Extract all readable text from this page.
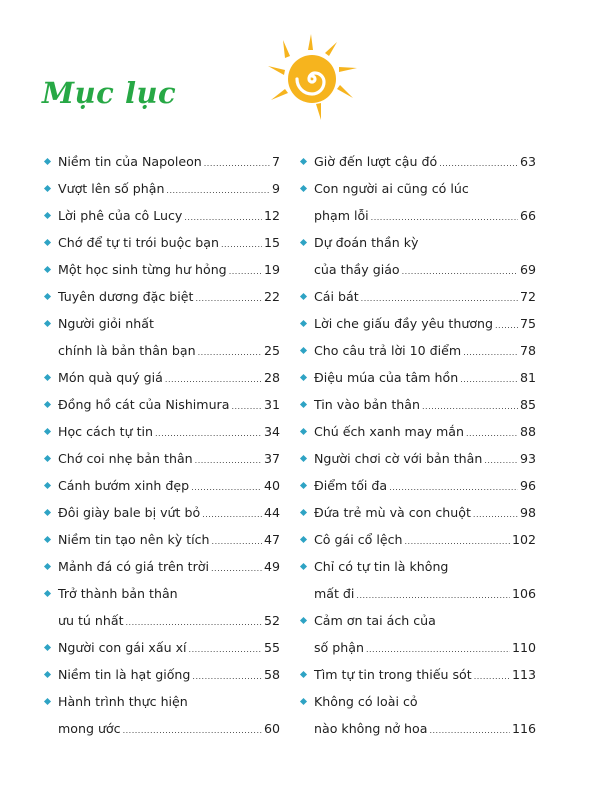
Mục lục
Niềm tin của Napoleon .....	7
Vượt lên số phận .....	9
Lời phê của cô Lucy .....	12
Chớ để tự ti trói buộc bạn .....	15
Một học sinh từng hư hỏng .....	19
Tuyên dương đặc biệt .....	22
Người giỏi nhất
chính là bản thân bạn .....	25
Món quà quý giá .....	28
Đồng hồ cát của Nishimura .....	31
Học cách tự tin .....	34
Chớ coi nhẹ bản thân .....	37
Cánh bướm xinh đẹp .....	40
Đôi giày bale bị vứt bỏ .....	44
Niềm tin tạo nên kỳ tích .....	47
Mảnh đá có giá trên trời .....	49
Trở thành bản thân
ưu tú nhất .....	52
Người con gái xấu xí .....	55
Niềm tin là hạt giống .....	58
Hành trình thực hiện
mong ước .....	60
Giờ đến lượt cậu đó .....	63
Con người ai cũng có lúc
phạm lỗi .....	66
Dự đoán thần kỳ
của thầy giáo .....	69
Cái bát .....	72
Lời che giấu đầy yêu thương ..... 75
Cho câu trả lời 10 điểm .....	78
Điệu múa của tâm hồn .....	81
Tin vào bản thân .....	85
Chú ếch xanh may mắn .....	88
Người chơi cờ với bản thân .....	93
Điểm tối đa .....	96
Đứa trẻ mù và con chuột .....	98
Cô gái cổ lệch .....	102
Chỉ có tự tin là không
mất đi .....	106
Cảm ơn tai ách của
số phận .....	110
Tìm tự tin trong thiếu sót .....	113
Không có loài cỏ
nào không nở hoa .....	116
